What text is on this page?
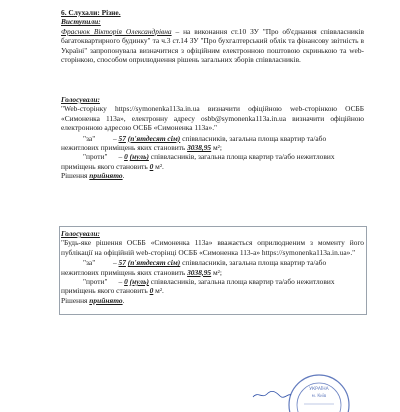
6. Слухали: Різне.
Виступили:
Фраснюк Вікторія Олександрівна – на виконання ст.10 ЗУ "Про об'єднання співвласників багатоквартирного будинку" та ч.3 ст.14 ЗУ "Про бухгалтерський облік та фінансову звітність в Україні" запропонувала визначитися з офіційним електронною поштовою скринькою та web-сторінкою, способом оприлюднення рішень загальних зборів співвласників.
Голосували:
"Web-сторінку https://symonenka113a.in.ua визначити офіційною web-сторінкою ОСББ «Симоненка 113а», електронну адресу osbb@symonenka113a.in.ua визначити офіційною електронною адресою ОСББ «Симоненка 113а»."
"за" – 57 (п'ятдесят сім) співвласників, загальна площа квартир та/або нежитлових приміщень яких становить 3038,95 м²;
"проти"   – 0 (нуль) співвласників, загальна площа квартир та/або нежитлових приміщень якого становить 0 м².
Рішення прийнято.
Голосували:
"Будь-яке рішення ОСББ «Симоненка 113а» вважається оприлюдненим з моменту його публікації на офіційній web-сторінці ОСББ «Симоненка 113-а» https://symonenka113a.in.ua»."
"за" – 57 (п'ятдесят сім) співвласників, загальна площа квартир та/або нежитлових приміщень яких становить 3038,95 м²;
"проти"   – 0 (нуль) співвласників, загальна площа квартир та/або нежитлових приміщень якого становить 0 м².
Рішення прийнято.
УКРАЇНА
м. Київ
